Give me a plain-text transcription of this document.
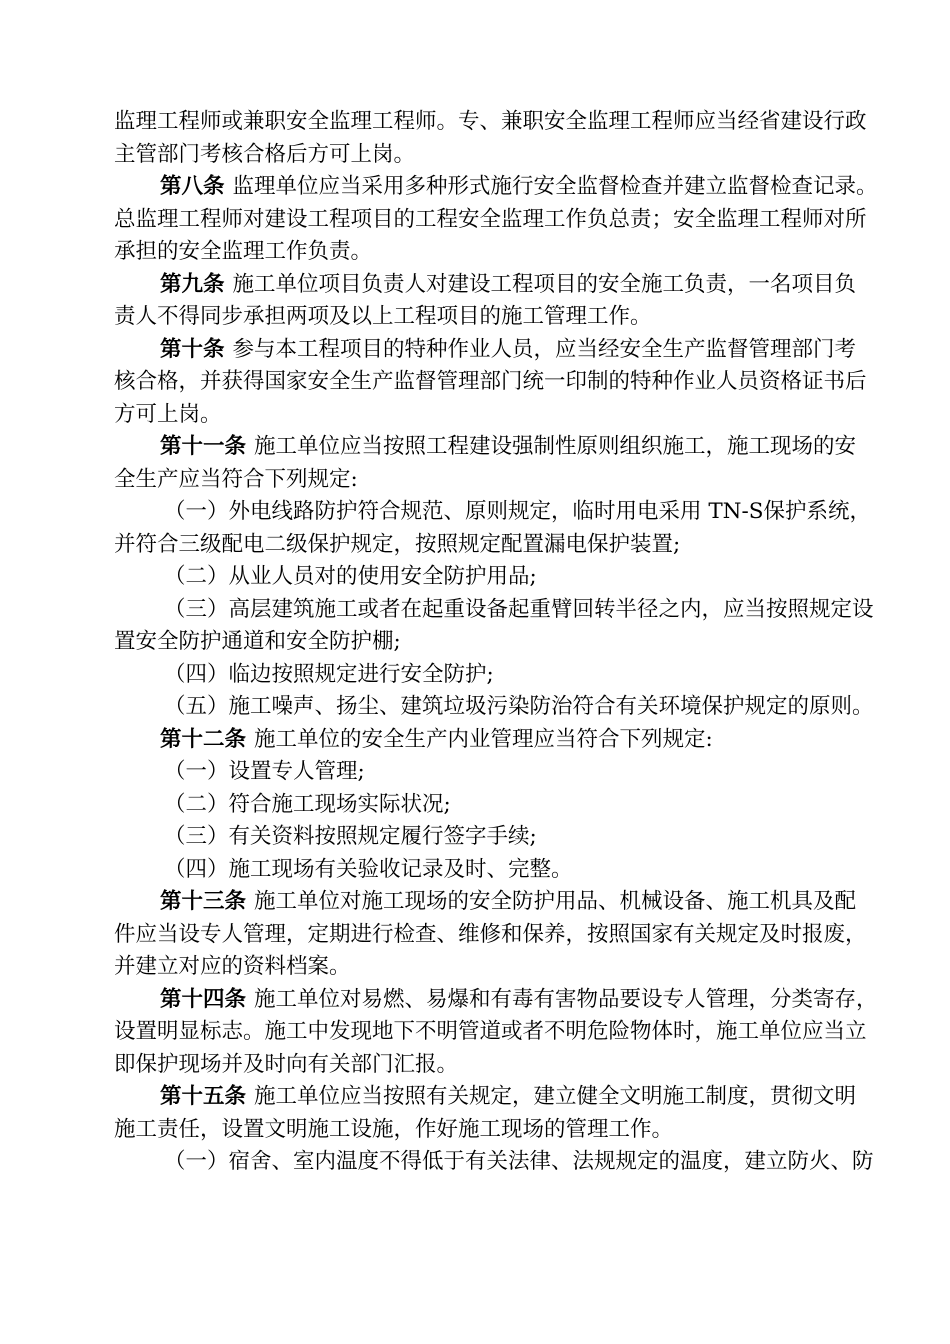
监理工程师或兼职安全监理工程师。专、兼职安全监理工程师应当经省建设行政
主管部门考核合格后方可上岗。
第八条 监理单位应当采用多种形式施行安全监督检查并建立监督检查记录。
总监理工程师对建设工程项目的工程安全监理工作负总责；安全监理工程师对所
承担的安全监理工作负责。
第九条 施工单位项目负责人对建设工程项目的安全施工负责，一名项目负
责人不得同步承担两项及以上工程项目的施工管理工作。
第十条 参与本工程项目的特种作业人员，应当经安全生产监督管理部门考
核合格，并获得国家安全生产监督管理部门统一印制的特种作业人员资格证书后
方可上岗。
第十一条 施工单位应当按照工程建设强制性原则组织施工，施工现场的安
全生产应当符合下列规定:
（一）外电线路防护符合规范、原则规定，临时用电采用 TN-S保护系统，
并符合三级配电二级保护规定，按照规定配置漏电保护装置;
（二）从业人员对的使用安全防护用品;
（三）高层建筑施工或者在起重设备起重臂回转半径之内，应当按照规定设
置安全防护通道和安全防护棚;
（四）临边按照规定进行安全防护;
（五）施工噪声、扬尘、建筑垃圾污染防治符合有关环境保护规定的原则。
第十二条 施工单位的安全生产内业管理应当符合下列规定:
（一）设置专人管理;
（二）符合施工现场实际状况;
（三）有关资料按照规定履行签字手续;
（四）施工现场有关验收记录及时、完整。
第十三条 施工单位对施工现场的安全防护用品、机械设备、施工机具及配
件应当设专人管理，定期进行检查、维修和保养，按照国家有关规定及时报废，
并建立对应的资料档案。
第十四条 施工单位对易燃、易爆和有毒有害物品要设专人管理，分类寄存，
设置明显标志。施工中发现地下不明管道或者不明危险物体时，施工单位应当立
即保护现场并及时向有关部门汇报。
第十五条 施工单位应当按照有关规定，建立健全文明施工制度，贯彻文明
施工责任，设置文明施工设施，作好施工现场的管理工作。
（一）宿舍、室内温度不得低于有关法律、法规规定的温度，建立防火、防
